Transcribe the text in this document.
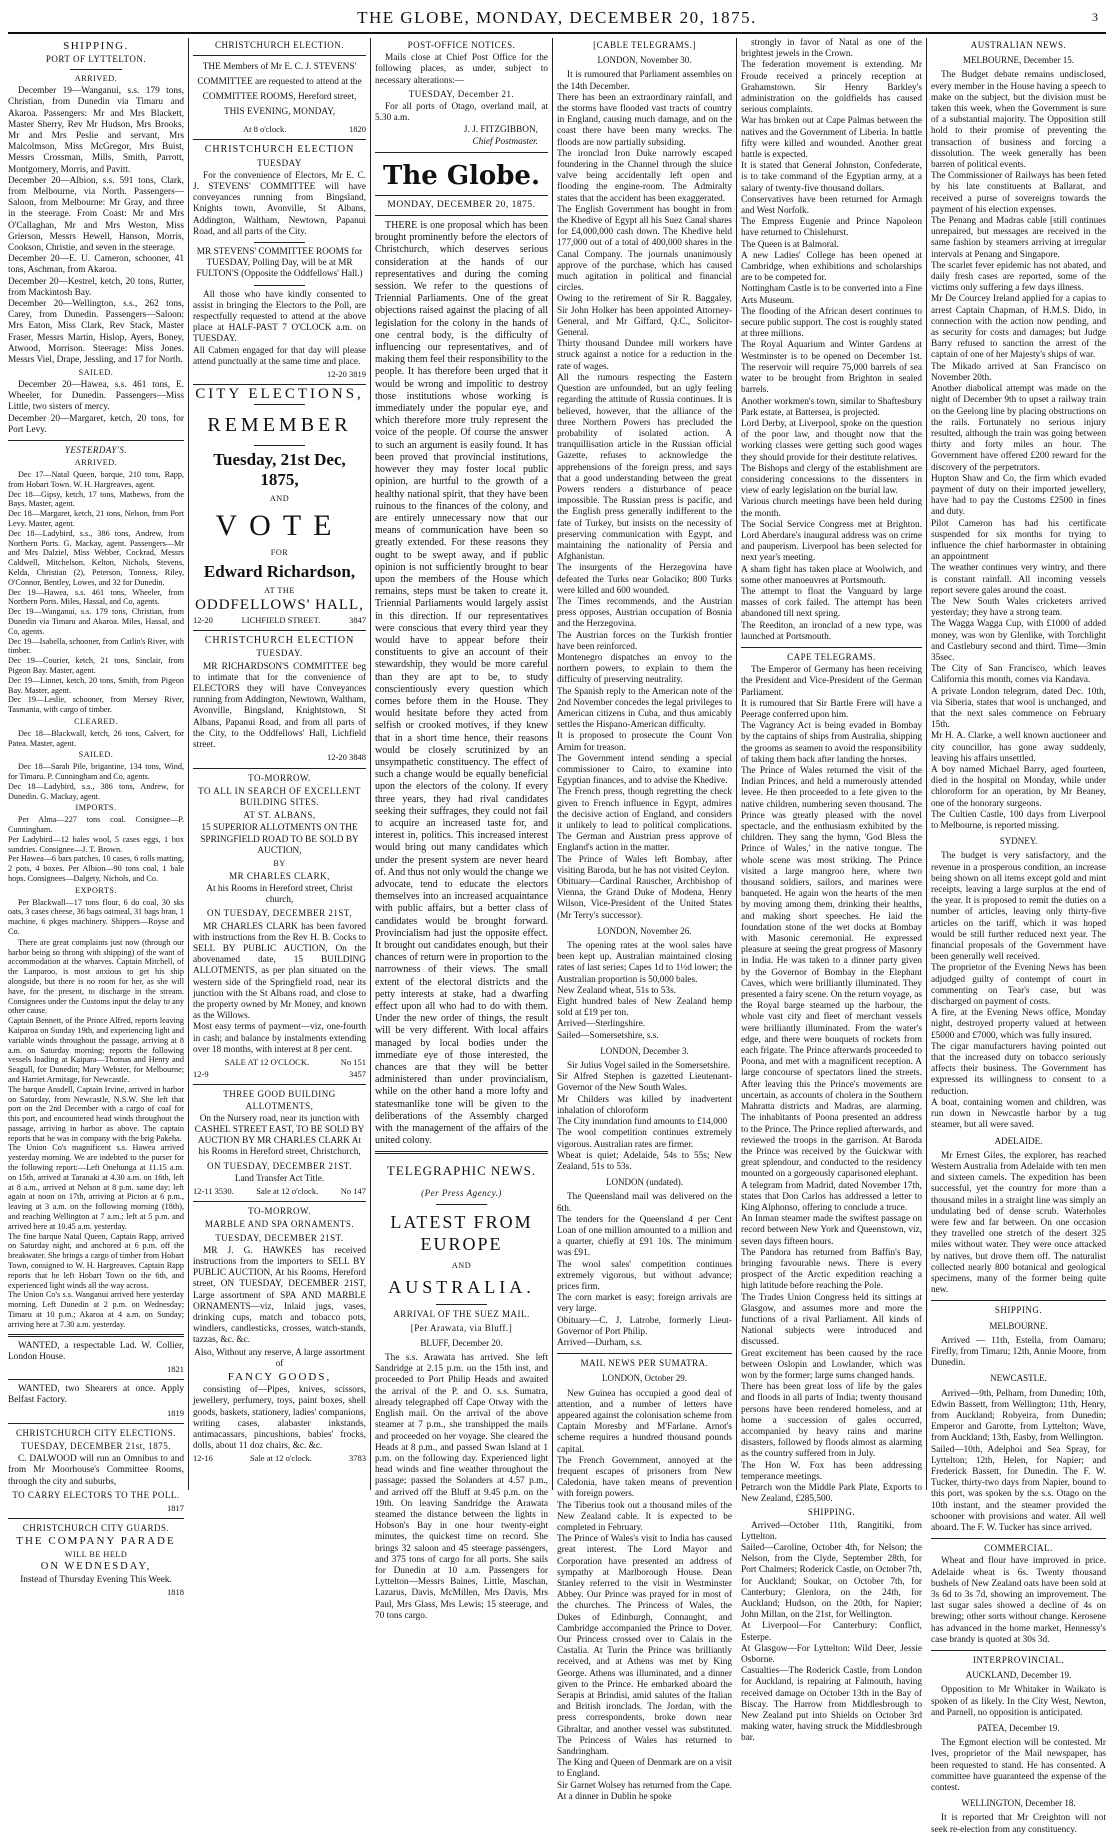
THE GLOBE, MONDAY, DECEMBER 20, 1875.	3
SHIPPING.
PORT OF LYTTELTON.
ARRIVED.
December 19—Wanganui, s.s. 179 tons, Christian, from Dunedin via Timaru and Akaroa. Passengers: Mr and Mrs Blackett, Master Sherry, Rev Mr Hudson, Mrs Brooks, Mr and Mrs Peslie and servant, Mrs Malcolmson, Miss McGregor, Mrs Buist, Messrs Crossman, Mills, Smith, Parrott, Montgomery, Morris, and Pavitt.
December 20—Albion, s.s. 591 tons, Clark, from Melbourne, via North. Passengers—Saloon, from Melbourne: Mr Gray, and three in the steerage. From Coast: Mr and Mrs O'Callaghan, Mr and Mrs Weston, Miss Grierson, Messrs Hewell, Hanson, Morris, Cookson, Christie, and seven in the steerage.
December 20—E. U. Cameron, schooner, 41 tons, Aschman, from Akaroa.
December 20—Kestrel, ketch, 20 tons, Rutter, from Mackintosh Bay.
December 20—Wellington, s.s., 262 tons, Carey, from Dunedin. Passengers—Saloon: Mrs Eaton, Miss Clark, Rev Stack, Master Fraser, Messrs Martin, Hislop, Ayers, Boney, Atwood, Morrison. Steerage: Miss Jones. Messrs Viel, Drape, Jessling, and 17 for North.
SAILED.
December 20—Hawea, s.s. 461 tons, E. Wheeler, for Dunedin. Passengers—Miss Little, two sisters of mercy.
December 20—Margaret, ketch, 20 tons, for Port Levy.
YESTERDAY'S.
ARRIVED.
Dec 17—Natal Queen, barque, 210 tons, Rapp, from Hobart Town. W. H. Hargreaves, agent.
Dec 18—Gipsy, ketch, 17 tons, Mathews, from the Bays. Master, agent.
Dec 18—Margaret, ketch, 21 tons, Nelson, from Port Levy. Master, agent.
Dec 18—Ladybird, s.s., 386 tons, Andrew, from Northern Ports. G. Mackay, agent. Passengers—Mr and Mrs Dalziel, Miss Webber, Cockrad, Messrs Caldwell, Mitchelson, Kelton, Nichols, Stevens, Kelda, Christian (2), Peterson, Tonness, Riley, O'Connor, Bentley, Lowes, and 32 for Dunedin.
Dec 19—Hawea, s.s. 461 tons, Wheeler, from Northern Ports. Miles, Hassal, and Co, agents.
Dec 19—Wanganui, s.s. 179 tons, Christian, from Dunedin via Timaru and Akaroa. Miles, Hassal, and Co, agents.
Dec 19—Isabella, schooner, from Catlin's River, with timber.
Dec 19—Courier, ketch, 21 tons, Sinclair, from Pigeon Bay. Master, agent.
Dec 19—Linnet, ketch, 20 tons, Smith, from Pigeon Bay. Master, agent.
Dec 19—Leslie, schooner, from Mersey River, Tasmania, with cargo of timber.
CLEARED.
Dec 18—Blackwall, ketch, 26 tons, Calvert, for Patea. Master, agent.
SAILED.
Dec 18—Sarah Pile, brigantine, 134 tons, Wind, for Timaru. P. Cunningham and Co, agents.
Dec 18—Ladybird, s.s., 386 tons, Andrew, for Dunedin. G. Mackay, agent.
IMPORTS.
Per Alma—227 tons coal. Consignee—P. Cunningham.
Per Ladybird—12 bales wool, 5 cases eggs, 1 box sundries. Consignee—J. T. Brown.
Per Hawea—6 bars patches, 10 cases, 6 rolls matting, 2 pots, 4 boxes. Per Albion—90 tons coal, 1 bale hops. Consignees—Dalgety, Nichols, and Co.
EXPORTS.
Per Blackwall—17 tons flour, 6 do coal, 30 sks oats, 3 cases cheese, 36 bags oatmeal, 31 bags bran, 1 machine, 6 pkges machinery. Shippers—Royse and Co.
There are great complaints just now (through our harbor being so throng with shipping) of the want of accommodation at the wharves. Captain Mitchell, of the Lanparoo, is most anxious to get his ship alongside, but there is no room for her, as she will have, for the present, to discharge in the stream. Consignees under the Customs input the delay to any other cause.
Captain Bennett, of the Prince Alfred, reports leaving Kaiparoa on Sunday 19th, and experiencing light and variable winds throughout the passage, arriving at 8 a.m. on Saturday morning; reports the following vessels loading at Kaipara—Thomas and Henry and Seagull, for Dunedin; Mary Webster, for Melbourne; and Harriet Armitage, for Newcastle.
The barque Ansdell, Captain Irvine, arrived in harbor on Saturday, from Newcastle, N.S.W. She left that port on the 2nd December with a cargo of coal for this port, and encountered head winds throughout the passage, arriving in harbor as above. The captain reports that he was in company with the brig Pakeha.
The Union Co's magnificent s.s. Hawea arrived yesterday morning. We are indebted to the purser for the following report:—Left Onehunga at 11.15 a.m. on 15th, arrived at Taranaki at 4.30 a.m. on 16th, left at 8 a.m., arrived at Nelson at 8 p.m. same day; left again at noon on 17th, arriving at Picton at 6 p.m., leaving at 3 a.m. on the following morning (18th), and reaching Wellington at 7 a.m.; left at 5 p.m. and arrived here at 10.45 a.m. yesterday.
The fine barque Natal Queen, Captain Rapp, arrived on Saturday night, and anchored at 6 p.m. off the breakwater. She brings a cargo of timber from Hobart Town, consigned to W. H. Hargreaves. Captain Rapp reports that he left Hobart Town on the 6th, and experienced light winds all the way across.
The Union Co's s.s. Wanganui arrived here yesterday morning. Left Dunedin at 2 p.m. on Wednesday; Timaru at 10 p.m.; Akaroa at 4 a.m. on Sunday; arriving here at 7.30 a.m. yesterday.
WANTED, a respectable Lad. W. Collier, London House.
1821
WANTED, two Shearers at once. Apply Belfast Factory.
1819
CHRISTCHURCH CITY ELECTIONS.
TUESDAY, DECEMBER 21st, 1875.
C. DALWOOD will run an Omnibus to and from Mr Moorhouse's Committee Rooms, through the city and suburbs,
TO CARRY ELECTORS TO THE POLL.
1817
CHRISTCHURCH CITY GUARDS.
THE COMPANY PARADE
WILL BE HELD
ON WEDNESDAY,
Instead of Thursday Evening This Week.
1818
CHRISTCHURCH ELECTION.
THE Members of Mr E. C. J. STEVENS' COMMITTEE are requested to attend at the COMMITTEE ROOMS, Hereford street, THIS EVENING, MONDAY,
At 8 o'clock.	1820
CHRISTCHURCH ELECTION
TUESDAY
For the convenience of Electors, Mr E. C. J. STEVENS' COMMITTEE will have conveyances running from Bingsland, Knights town, Avonville, St Albans, Addington, Waltham, Newtown, Papanui Road, and all parts of the City.
MR STEVENS' COMMITTEE ROOMS for TUESDAY, Polling Day, will be at MR FULTON'S (Opposite the Oddfellows' Hall.)
All those who have kindly consented to assist in bringing the Electors to the Poll, are respectfully requested to attend at the above place at HALF-PAST 7 O'CLOCK a.m. on TUESDAY.
All Cabmen engaged for that day will please attend punctually at the same time and place.
12-20 3819
CITY ELECTIONS,
REMEMBER
Tuesday, 21st Dec, 1875,
AND
VOTE
FOR
Edward Richardson,
AT THE
ODDFELLOWS' HALL,
12-20	LICHFIELD STREET.	3847
CHRISTCHURCH ELECTION
TUESDAY.
MR RICHARDSON'S COMMITTEE beg to intimate that for the convenience of ELECTORS they will have Conveyances running from Addington, Newtown, Waltham, Avonville, Bingsland, Knightstown, St Albans, Papanui Road, and from all parts of the City, to the Oddfellows' Hall, Lichfield street.
12-20 3848
TO-MORROW.
TO ALL IN SEARCH OF EXCELLENT BUILDING SITES.
AT ST. ALBANS,
15 SUPERIOR ALLOTMENTS ON THE SPRINGFIELD ROAD TO BE SOLD BY AUCTION,
BY
MR CHARLES CLARK,
At his Rooms in Hereford street, Christ church,
ON TUESDAY, DECEMBER 21ST,
MR CHARLES CLARK has been favored with instructions from the Rev H. B. Cocks to SELL BY PUBLIC AUCTION, On the abovenamed date, 15 BUILDING ALLOTMENTS, as per plan situated on the western side of the Springfield road, near its junction with the St Albans road, and close to the property owned by Mr Money, and known as the Willows.
Most easy terms of payment—viz, one-fourth in cash; and balance by instalments extending over 18 months, with interest at 8 per cent.
SALE AT 12 O'CLOCK.	No 151
12-9	3457
THREE GOOD BUILDING ALLOTMENTS,
On the Nursery road, near its junction with CASHEL STREET EAST, TO BE SOLD BY AUCTION BY MR CHARLES CLARK At his Rooms in Hereford street, Christchurch,
ON TUESDAY, DECEMBER 21ST.
Land Transfer Act Title.
12-11 3530.	Sale at 12 o'clock.	No 147
TO-MORROW.
MARBLE AND SPA ORNAMENTS.
TUESDAY, DECEMBER 21ST.
MR J. G. HAWKES has received instructions from the importers to SELL BY PUBLIC AUCTION, At his Rooms, Hereford street, ON TUESDAY, DECEMBER 21ST, Large assortment of SPA AND MARBLE ORNAMENTS—viz, Inlaid jugs, vases, drinking cups, match and tobacco pots, windlers, candlesticks, crosses, watch-stands, tazzas, &c. &c.
Also, Without any reserve, A large assortment of
FANCY GOODS,
consisting of—Pipes, knives, scissors, jewellery, perfumery, toys, paint boxes, shell goods, baskets, stationery, ladies' companions, writing cases, alabaster inkstands, antimacassars, pincushions, babies' frocks, dolls, about 11 doz chairs, &c. &c.
12-16	Sale at 12 o'clock.	3783
POST-OFFICE NOTICES.
Mails close at Chief Post Office for the following places, as under, subject to necessary alterations:—
TUESDAY, December 21.
For all ports of Otago, overland mail, at 5.30 a.m.
J. J. FITZGIBBON,
Chief Postmaster.
The Globe.
MONDAY, DECEMBER 20, 1875.
THERE is one proposal which has been brought prominently before the electors of Christchurch, which deserves serious consideration at the hands of our representatives and during the coming session. We refer to the questions of Triennial Parliaments. One of the great objections raised against the placing of all legislation for the colony in the hands of one central body, is the difficulty of influencing our representatives, and of making them feel their responsibility to the people. It has therefore been urged that it would be wrong and impolitic to destroy those institutions whose working is immediately under the popular eye, and which therefore more truly represent the voice of the people. Of course the answer to such an argument is easily found. It has been proved that provincial institutions, however they may foster local public opinion, are hurtful to the growth of a healthy national spirit, that they have been ruinous to the finances of the colony, and are entirely unnecessary now that our means of communication have been so greatly extended. For these reasons they ought to be swept away, and if public opinion is not sufficiently brought to bear upon the members of the House which remains, steps must be taken to create it. Triennial Parliaments would largely assist in this direction. If our representatives were conscious that every third year they would have to appear before their constituents to give an account of their stewardship, they would be more careful than they are apt to be, to study conscientiously every question which comes before them in the House. They would hesitate before they acted from selfish or crooked motives, if they knew that in a short time hence, their reasons would be closely scrutinized by an unsympathetic constituency. The effect of such a change would be equally beneficial upon the electors of the colony. If every three years, they had rival candidates seeking their suffrages, they could not fail to acquire an increased taste for, and interest in, politics. This increased interest would bring out many candidates which under the present system are never heard of. And thus not only would the change we advocate, tend to educate the electors themselves into an increased acquaintance with public affairs, but a better class of candidates would be brought forward. Provincialism had just the opposite effect. It brought out candidates enough, but their chances of return were in proportion to the narrowness of their views. The small extent of the electoral districts and the petty interests at stake, had a dwarfing effect upon all who had to do with them. Under the new order of things, the result will be very different. With local affairs managed by local bodies under the immediate eye of those interested, the chances are that they will be better administered than under provincialism, while on the other hand a more lofty and statesmanlike tone will be given to the deliberations of the Assembly charged with the management of the affairs of the united colony.
TELEGRAPHIC NEWS.
(Per Press Agency.)
LATEST FROM EUROPE
AND
AUSTRALIA.
ARRIVAL OF THE SUEZ MAIL.
[Per Arawata, via Bluff.]
BLUFF, December 20.
The s.s. Arawata has arrived. She left Sandridge at 2.15 p.m. on the 15th inst, and proceeded to Port Philip Heads and awaited the arrival of the P. and O. s.s. Sumatra, already telegraphed off Cape Otway with the English mail. On the arrival of the above steamer at 7 p.m., she transhipped the mails and proceeded on her voyage. She cleared the Heads at 8 p.m., and passed Swan Island at 1 p.m. on the following day. Experienced light head winds and fine weather throughout the passage; passed the Solanders at 4.57 p.m., and arrived off the Bluff at 9.45 p.m. on the 19th. On leaving Sandridge the Arawata steamed the distance between the lights in Hobson's Bay in one hour twenty-eight minutes, the quickest time on record. She brings 32 saloon and 45 steerage passengers, and 375 tons of cargo for all ports. She sails for Dunedin at 10 a.m. Passengers for Lyttelton—Messrs Baines, Little, Maschan, Lazarus, Davis, McMillen, Mrs Davis, Mrs Paul, Mrs Glass, Mrs Lewis; 15 steerage, and 70 tons cargo.
[CABLE TELEGRAMS.]
LONDON, November 30.
It is rumoured that Parliament assembles on the 14th December.
There has been an extraordinary rainfall, and the storms have flooded vast tracts of country in England, causing much damage, and on the coast there have been many wrecks. The floods are now partially subsiding.
The ironclad Iron Duke narrowly escaped foundering in the Channel through the sluice valve being accidentally left open and flooding the engine-room. The Admiralty states that the accident has been exaggerated.
The English Government has bought in from the Khedive of Egypt all his Suez Canal shares for £4,000,000 cash down. The Khedive held 177,000 out of a total of 400,000 shares in the Canal Company. The journals unanimously approve of the purchase, which has caused much agitation in political and financial circles.
Owing to the retirement of Sir R. Baggaley, Sir John Holker has been appointed Attorney-General, and Mr Giffard, Q.C., Solicitor-General.
Thirty thousand Dundee mill workers have struck against a notice for a reduction in the rate of wages.
All the rumours respecting the Eastern Question are unfounded, but an ugly feeling regarding the attitude of Russia continues. It is believed, however, that the alliance of the three Northern Powers has precluded the probability of isolated action. A tranquillisation article in the Russian official Gazette, refuses to acknowledge the apprehensions of the foreign press, and says that a good understanding between the great Powers renders a disturbance of peace impossible. The Russian press is pacific, and the English press generally indifferent to the fate of Turkey, but insists on the necessity of preserving communication with Egypt, and maintaining the nationality of Persia and Afghanistan.
The insurgents of the Herzegovina have defeated the Turks near Golaciko; 800 Turks were killed and 600 wounded.
The Times recommends, and the Austrian press opposes, Austrian occupation of Bosnia and the Herzegovina.
The Austrian forces on the Turkish frontier have been reinforced.
Montenegro dispatches an envoy to the northern powers, to explain to them the difficulty of preserving neutrality.
The Spanish reply to the American note of the 2nd November concedes the legal privileges to American citizens in Cuba, and thus amicably settles the Hispano-American difficulty.
It is proposed to prosecute the Count Von Arnim for treason.
The Government intend sending a special commissioner to Cairo, to examine into Egyptian finances, and to advise the Khedive.
The French press, though regretting the check given to French influence in Egypt, admires the decisive action of England, and considers it unlikely to lead to political complications. The German and Austrian press approve of England's action in the matter.
The Prince of Wales left Bombay, after visiting Baroda, but he has not visited Ceylon.
Obituary—Cardinal Rauscher, Archbishop of Vienna, the Grand Duke of Modena, Henry Wilson, Vice-President of the United States (Mr Terry's successor).
LONDON, November 26.
The opening rates at the wool sales have been kept up. Australian maintained closing rates of last series; Capes 1d to 1½d lower; the Australian proportion is 50,000 bales.
New Zealand wheat, 51s to 53s.
Eight hundred bales of New Zealand hemp sold at £19 per ton.
Arrived—Sterlingshire.
Sailed—Somersetshire, s.s.
LONDON, December 3.
Sir Julius Vogel sailed in the Somersetshire.
Sir Alfred Stephen is gazetted Lieutenant-Governor of the New South Wales.
Mr Childers was killed by inadvertent inhalation of chloroform
The City inundation fund amounts to £14,000
The wool competition continues extremely vigorous. Australian rates are firmer.
Wheat is quiet; Adelaide, 54s to 55s; New Zealand, 51s to 53s.
LONDON (undated).
The Queensland mail was delivered on the 6th.
The tenders for the Queensland 4 per Cent Loan of one million amounted to a million and a quarter, chiefly at £91 10s. The minimum was £91.
The wool sales' competition continues extremely vigorous, but without advance; prices firm.
The corn market is easy; foreign arrivals are very large.
Obituary—C. J. Latrobe, formerly Lieut-Governor of Port Philip.
Arrived—Durham, s.s.
MAIL NEWS PER SUMATRA.
LONDON, October 29.
New Guinea has occupied a good deal of attention, and a number of letters have appeared against the colonisation scheme from Captain Moresby and M'Farlane. Arnot's scheme requires a hundred thousand pounds capital.
The French Government, annoyed at the frequent escapes of prisoners from New Caledonia, have taken means of prevention with foreign powers.
The Tiberius took out a thousand miles of the New Zealand cable. It is expected to be completed in February.
The Prince of Wales's visit to India has caused great interest. The Lord Mayor and Corporation have presented an address of sympathy at Marlborough House. Dean Stanley referred to the visit in Westminster Abbey. Our Prince was prayed for in most of the churches. The Princess of Wales, the Dukes of Edinburgh, Connaught, and Cambridge accompanied the Prince to Dover. Our Princess crossed over to Calais in the Castalia. At Turin the Prince was brilliantly received, and at Athens was met by King George. Athens was illuminated, and a dinner given to the Prince. He embarked aboard the Serapis at Brindisi, amid salutes of the Italian and British ironclads. The Jordan, with the press correspondents, broke down near Gibraltar, and another vessel was substituted. The Princess of Wales has returned to Sandringham.
The King and Queen of Denmark are on a visit to England.
Sir Garnet Wolsey has returned from the Cape. At a dinner in Dublin he spoke
strongly in favor of Natal as one of the brightest jewels in the Crown.
The federation movement is extending. Mr Froude received a princely reception at Grahamstown. Sir Henry Barkley's administration on the goldfields has caused serious complaints.
War has broken out at Cape Palmas between the natives and the Government of Liberia. In battle fifty were killed and wounded. Another great battle is expected.
It is stated that General Johnston, Confederate, is to take command of the Egyptian army, at a salary of twenty-five thousand dollars.
Conservatives have been returned for Armagh and West Norfolk.
The Empress Eugenie and Prince Napoleon have returned to Chislehurst.
The Queen is at Balmoral.
A new Ladies' College has been opened at Cambridge, when exhibitions and scholarships are to be competed for.
Nottingham Castle is to be converted into a Fine Arts Museum.
The flooding of the African desert continues to secure public support. The cost is roughly stated at three millions.
The Royal Aquarium and Winter Gardens at Westminster is to be opened on December 1st. The reservoir will require 75,000 barrels of sea water to be brought from Brighton in sealed barrels.
Another workmen's town, similar to Shaftesbury Park estate, at Battersea, is projected.
Lord Derby, at Liverpool, spoke on the question of the poor law, and thought now that the working classes were getting such good wages they should provide for their destitute relatives.
The Bishops and clergy of the establishment are considering concessions to the dissenters in view of early legislation on the burial law.
Various church meetings have been held during the month.
The Social Service Congress met at Brighton. Lord Aberdare's inaugural address was on crime and pauperism. Liverpool has been selected for next year's meeting.
A sham fight has taken place at Woolwich, and some other manoeuvres at Portsmouth.
The attempt to float the Vanguard by large masses of cork failed. The attempt has been abandoned till next spring.
The Reediton, an ironclad of a new type, was launched at Portsmouth.
CAPE TELEGRAMS.
The Emperor of Germany has been receiving the President and Vice-President of the German Parliament.
It is rumoured that Sir Bartle Frere will have a Peerage conferred upon him.
The Vagrancy Act is being evaded in Bombay by the captains of ships from Australia, shipping the grooms as seamen to avoid the responsibility of taking them back after landing the horses.
The Prince of Wales returned the visit of the Indian Princes, and held a numerously attended levee. He then proceeded to a fete given to the native children, numbering seven thousand. The Prince was greatly pleased with the novel spectacle, and the enthusiasm exhibited by the children. They sang the hymn, 'God Bless the Prince of Wales,' in the native tongue. The whole scene was most striking. The Prince visited a large mangroo here, where two thousand soldiers, sailors, and marines were banqueted. He again won the hearts of the men by moving among them, drinking their healths, and making short speeches. He laid the foundation stone of the wet docks at Bombay with Masonic ceremonial. He expressed pleasure at seeing the great progress of Masonry in India. He was taken to a dinner party given by the Governor of Bombay in the Elephant Caves, which were brilliantly illuminated. They presented a fairy scene. On the return voyage, as the Royal barge steamed up the harbour, the whole vast city and fleet of merchant vessels were brilliantly illuminated. From the water's edge, and there were bouquets of rockets from each frigate. The Prince afterwards proceeded to Poona, and met with a magnificent reception. A large concourse of spectators lined the streets. After leaving this the Prince's movements are uncertain, as accounts of cholera in the Southern Mahratta districts and Madras, are alarming. The inhabitants of Poona presented an address to the Prince. The Prince replied afterwards, and reviewed the troops in the garrison. At Baroda the Prince was received by the Guickwar with great splendour, and conducted to the residency mounted on a gorgeously caparisoned elephant.
A telegram from Madrid, dated November 17th, states that Don Carlos has addressed a letter to King Alphonso, offering to conclude a truce.
An Inman steamer made the swiftest passage on record between New York and Queenstown, viz, seven days fifteen hours.
The Pandora has returned from Baffin's Bay, bringing favourable news. There is every prospect of the Arctic expedition reaching a high latitude before reaching the Pole.
The Trades Union Congress held its sittings at Glasgow, and assumes more and more the functions of a rival Parliament. All kinds of National subjects were introduced and discussed.
Great excitement has been caused by the race between Oslopin and Lowlander, which was won by the former; large sums changed hands.
There has been great loss of life by the gales and floods in all parts of India; twenty thousand persons have been rendered homeless, and at home a succession of gales occurred, accompanied by heavy rains and marine disasters, followed by floods almost as alarming as the country suffered from in July.
The Hon W. Fox has been addressing temperance meetings.
Petrarch won the Middle Park Plate, Exports to New Zealand, £285,500.
SHIPPING.
Arrived—October 11th, Rangitiki, from Lyttelton.
Sailed—Caroline, October 4th, for Nelson; the Nelson, from the Clyde, September 28th, for Port Chalmers; Roderick Castle, on October 7th, for Auckland; Soukar, on October 7th, for Canterbury; Glenlora, on the 24th, for Auckland; Hudson, on the 20th, for Napier; John Millan, on the 21st, for Wellington.
At Liverpool—For Canterbury: Conflict, Esterpe.
At Glasgow—For Lyttelton: Wild Deer, Jessie Osborne.
Casualties—The Roderick Castle, from London for Auckland, is repairing at Falmouth, having received damage on October 13th in the Bay of Biscay. The Harrow from Middlesbrough to New Zealand put into Shields on October 3rd making water, having struck the Middlesbrough bar.
AUSTRALIAN NEWS.
MELBOURNE, December 15.
The Budget debate remains undisclosed, every member in the House having a speech to make on the subject, but the division must be taken this week, when the Government is sure of a substantial majority. The Opposition still hold to their promise of preventing the transaction of business and forcing a dissolution. The week generally has been barren of political events.
The Commissioner of Railways has been feted by his late constituents at Ballarat, and received a purse of sovereigns towards the payment of his election expenses.
The Penang and Madras cable [still continues unrepaired, but messages are received in the same fashion by steamers arriving at irregular intervals at Penang and Singapore.
The scarlet fever epidemic has not abated, and daily fresh cases are reported, some of the victims only suffering a few days illness.
Mr De Courcey Ireland applied for a capias to arrest Captain Chapman, of H.M.S. Dido, in connection with the action now pending, and as security for costs and damages; but Judge Barry refused to sanction the arrest of the captain of one of her Majesty's ships of war.
The Mikado arrived at San Francisco on November 20th.
Another diabolical attempt was made on the night of December 9th to upset a railway train on the Geelong line by placing obstructions on the rails. Fortunately no serious injury resulted, although the train was going between thirty and forty miles an hour. The Government have offered £200 reward for the discovery of the perpetrators.
Hupton Shaw and Co, the firm which evaded payment of duty on their imported jewellery, have had to pay the Customs £2500 in fines and duty.
Pilot Cameron has had his certificate suspended for six months for trying to influence the chief harbormaster in obtaining an appointment
The weather continues very wintry, and there is constant rainfall. All incoming vessels report severe gales around the coast.
The New South Wales cricketers arrived yesterday; they have a strong team.
The Wagga Wagga Cup, with £1000 of added money, was won by Glenlike, with Torchlight and Castlebury second and third. Time—3min 35sec.
The City of San Francisco, which leaves California this month, comes via Kandava.
A private London telegram, dated Dec. 10th, via Siberia, states that wool is unchanged, and that the next sales commence on February 15th.
Mr H. A. Clarke, a well known auctioneer and city councillor, has gone away suddenly, leaving his affairs unsettled.
A boy named Michael Barry, aged fourteen, died in the hospital on Monday, while under chloroform for an operation, by Mr Beaney, one of the honorary surgeons.
The Cultien Castle, 100 days from Liverpool to Melbourne, is reported missing.
SYDNEY.
The budget is very satisfactory, and the revenue in a prosperous condition, an increase being shown on all items except gold and mint receipts, leaving a large surplus at the end of the year. It is proposed to remit the duties on a number of articles, leaving only thirty-five articles on the tariff, which it was hoped would be still further reduced next year. The financial proposals of the Government have been generally well received.
The proprietor of the Evening News has been adjudged guilty of contempt of court in commenting on Tear's case, but was discharged on payment of costs.
A fire, at the Evening News office, Monday night, destroyed property valued at between £5000 and £7000, which was fully insured.
The cigar manufacturers having pointed out that the increased duty on tobacco seriously affects their business. The Government has expressed its willingness to consent to a reduction.
A boat, containing women and children, was run down in Newcastle harbor by a tug steamer, but all were saved.
ADELAIDE.
Mr Ernest Giles, the explorer, has reached Western Australia from Adelaide with ten men and sixteen camels. The expedition has been successful, yet the country for more than a thousand miles in a straight line was simply an undulating bed of dense scrub. Waterholes were few and far between. On one occasion they travelled one stretch of the desert 325 miles without water. They were once attacked by natives, but drove them off. The naturalist collected nearly 800 botanical and geological specimens, many of the former being quite new.
SHIPPING.
MELBOURNE.
Arrived — 11th, Estella, from Oamaru; Firefly, from Timaru; 12th, Annie Moore, from Dunedin.
NEWCASTLE.
Arrived—9th, Pelham, from Dunedin; 10th, Edwin Bassett, from Wellington; 11th, Henry, from Auckland; Robyeira, from Dunedin; Emperor and Garotte, from Lyttelton; Wave, from Auckland; 13th, Easby, from Wellington.
Sailed—10th, Adelphoi and Sea Spray, for Lyttelton; 12th, Helen, for Napier; and Frederick Bassett, for Dunedin. The F. W. Tucker, thirty-two days from Napier, bound to this port, was spoken by the s.s. Otago on the 10th instant, and the steamer provided the schooner with provisions and water. All well aboard. The F. W. Tucker has since arrived.
COMMERCIAL.
Wheat and flour have improved in price. Adelaide wheat is 6s. Twenty thousand bushels of New Zealand oats have been sold at 3s 6d to 3s 7d, showing an improvement. The last sugar sales showed a decline of 4s on brewing; other sorts without change. Kerosene has advanced in the home market, Hennessy's case brandy is quoted at 30s 3d.
INTERPROVINCIAL.
AUCKLAND, December 19.
Opposition to Mr Whitaker in Waikato is spoken of as likely. In the City West, Newton, and Parnell, no opposition is anticipated.
PATEA, December 19.
The Egmont election will be contested. Mr Ives, proprietor of the Mail newspaper, has been requested to stand. He has consented. A committee have guaranteed the expense of the contest.
WELLINGTON, December 18.
It is reported that Mr Creighton will not seek re-election from any constituency.
